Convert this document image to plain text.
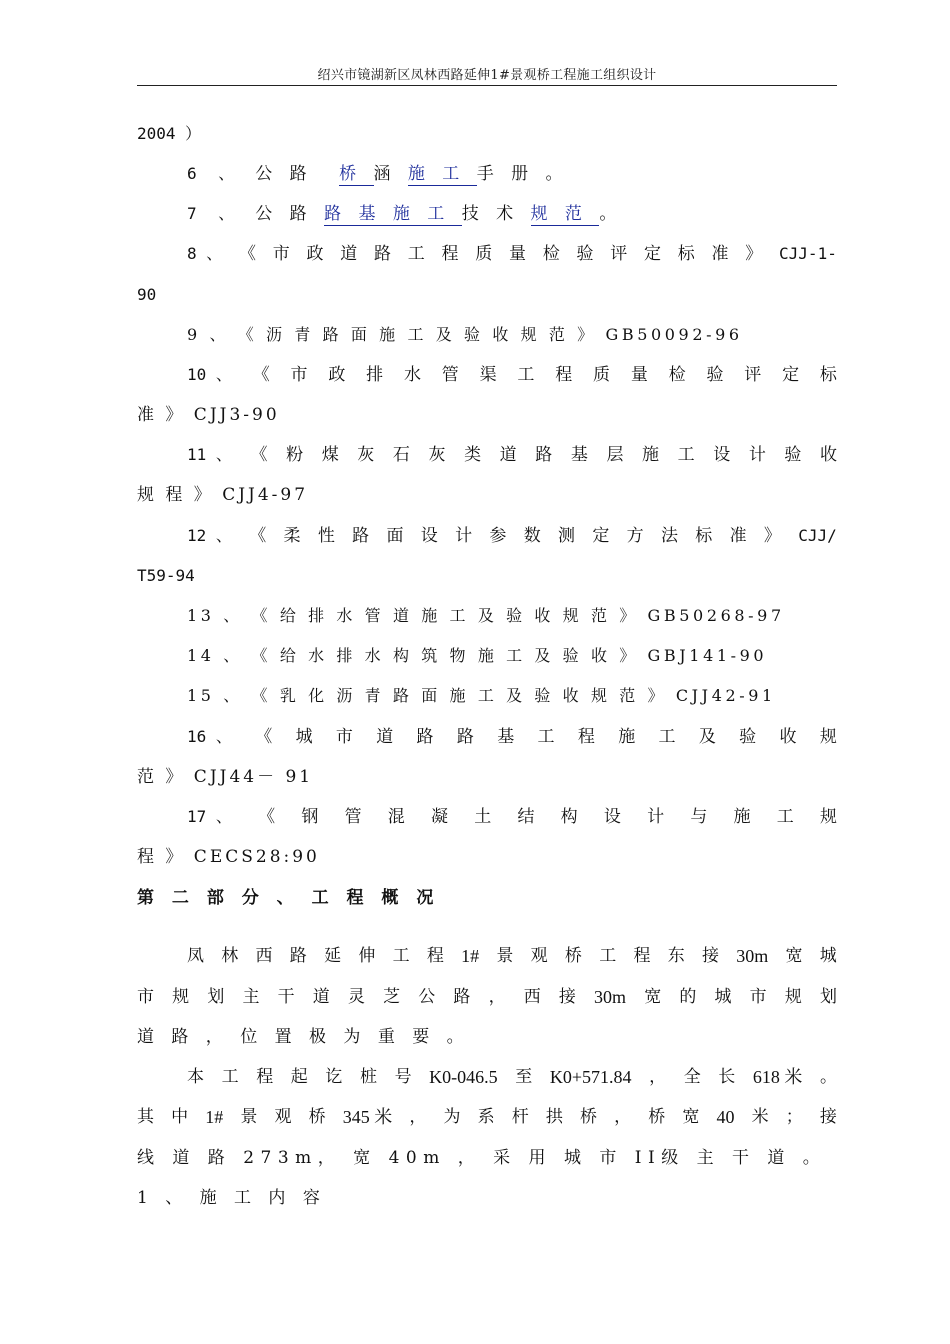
绍兴市镜湖新区凤林西路延伸1#景观桥工程施工组织设计
2004 ）
6 、 公 路 桥 涵 施 工 手 册 。
7 、 公 路 路 基 施 工 技 术 规 范 。
8 、 《 市 政 道 路 工 程 质 量 检 验 评 定 标 准 》 CJJ-1-
90
9 、 《 沥 青 路 面 施 工 及 验 收 规 范 》 GB50092-96
10 、 《 市 政 排 水 管 渠 工 程 质 量 检 验 评 定 标
准 》 CJJ3-90
11 、 《 粉 煤 灰 石 灰 类 道 路 基 层 施 工 设 计 验 收
规 程 》 CJJ4-97
12 、 《 柔 性 路 面 设 计 参 数 测 定 方 法 标 准 》 CJJ/
T59-94
13 、 《 给 排 水 管 道 施 工 及 验 收 规 范 》 GB50268-97
14 、 《 给 水 排 水 构 筑 物 施 工 及 验 收 》 GBJ141-90
15 、 《 乳 化 沥 青 路 面 施 工 及 验 收 规 范 》 CJJ42-91
16 、 《 城 市 道 路 路 基 工 程 施 工 及 验 收 规
范 》 CJJ44－ 91
17 、 《 钢 管 混 凝 土 结 构 设 计 与 施 工 规
程 》 CECS28:90
第 二 部 分 、 工 程 概 况
凤 林 西 路 延 伸 工 程 1# 景 观 桥 工 程 东 接 30m 宽 城
市 规 划 主 干 道 灵 芝 公 路 ， 西 接 30m 宽 的 城 市 规 划
道 路 ， 位 置 极 为 重 要 。
本 工 程 起 讫 桩 号 K0-046.5 至 K0+571.84 ， 全 长 618 米 。
其 中 1# 景 观 桥 345 米 ， 为 系 杆 拱 桥 ， 桥 宽 40 米 ； 接
线 道 路 273m， 宽 40m ， 采 用 城 市 II级 主 干 道 。
1 、 施 工 内 容
